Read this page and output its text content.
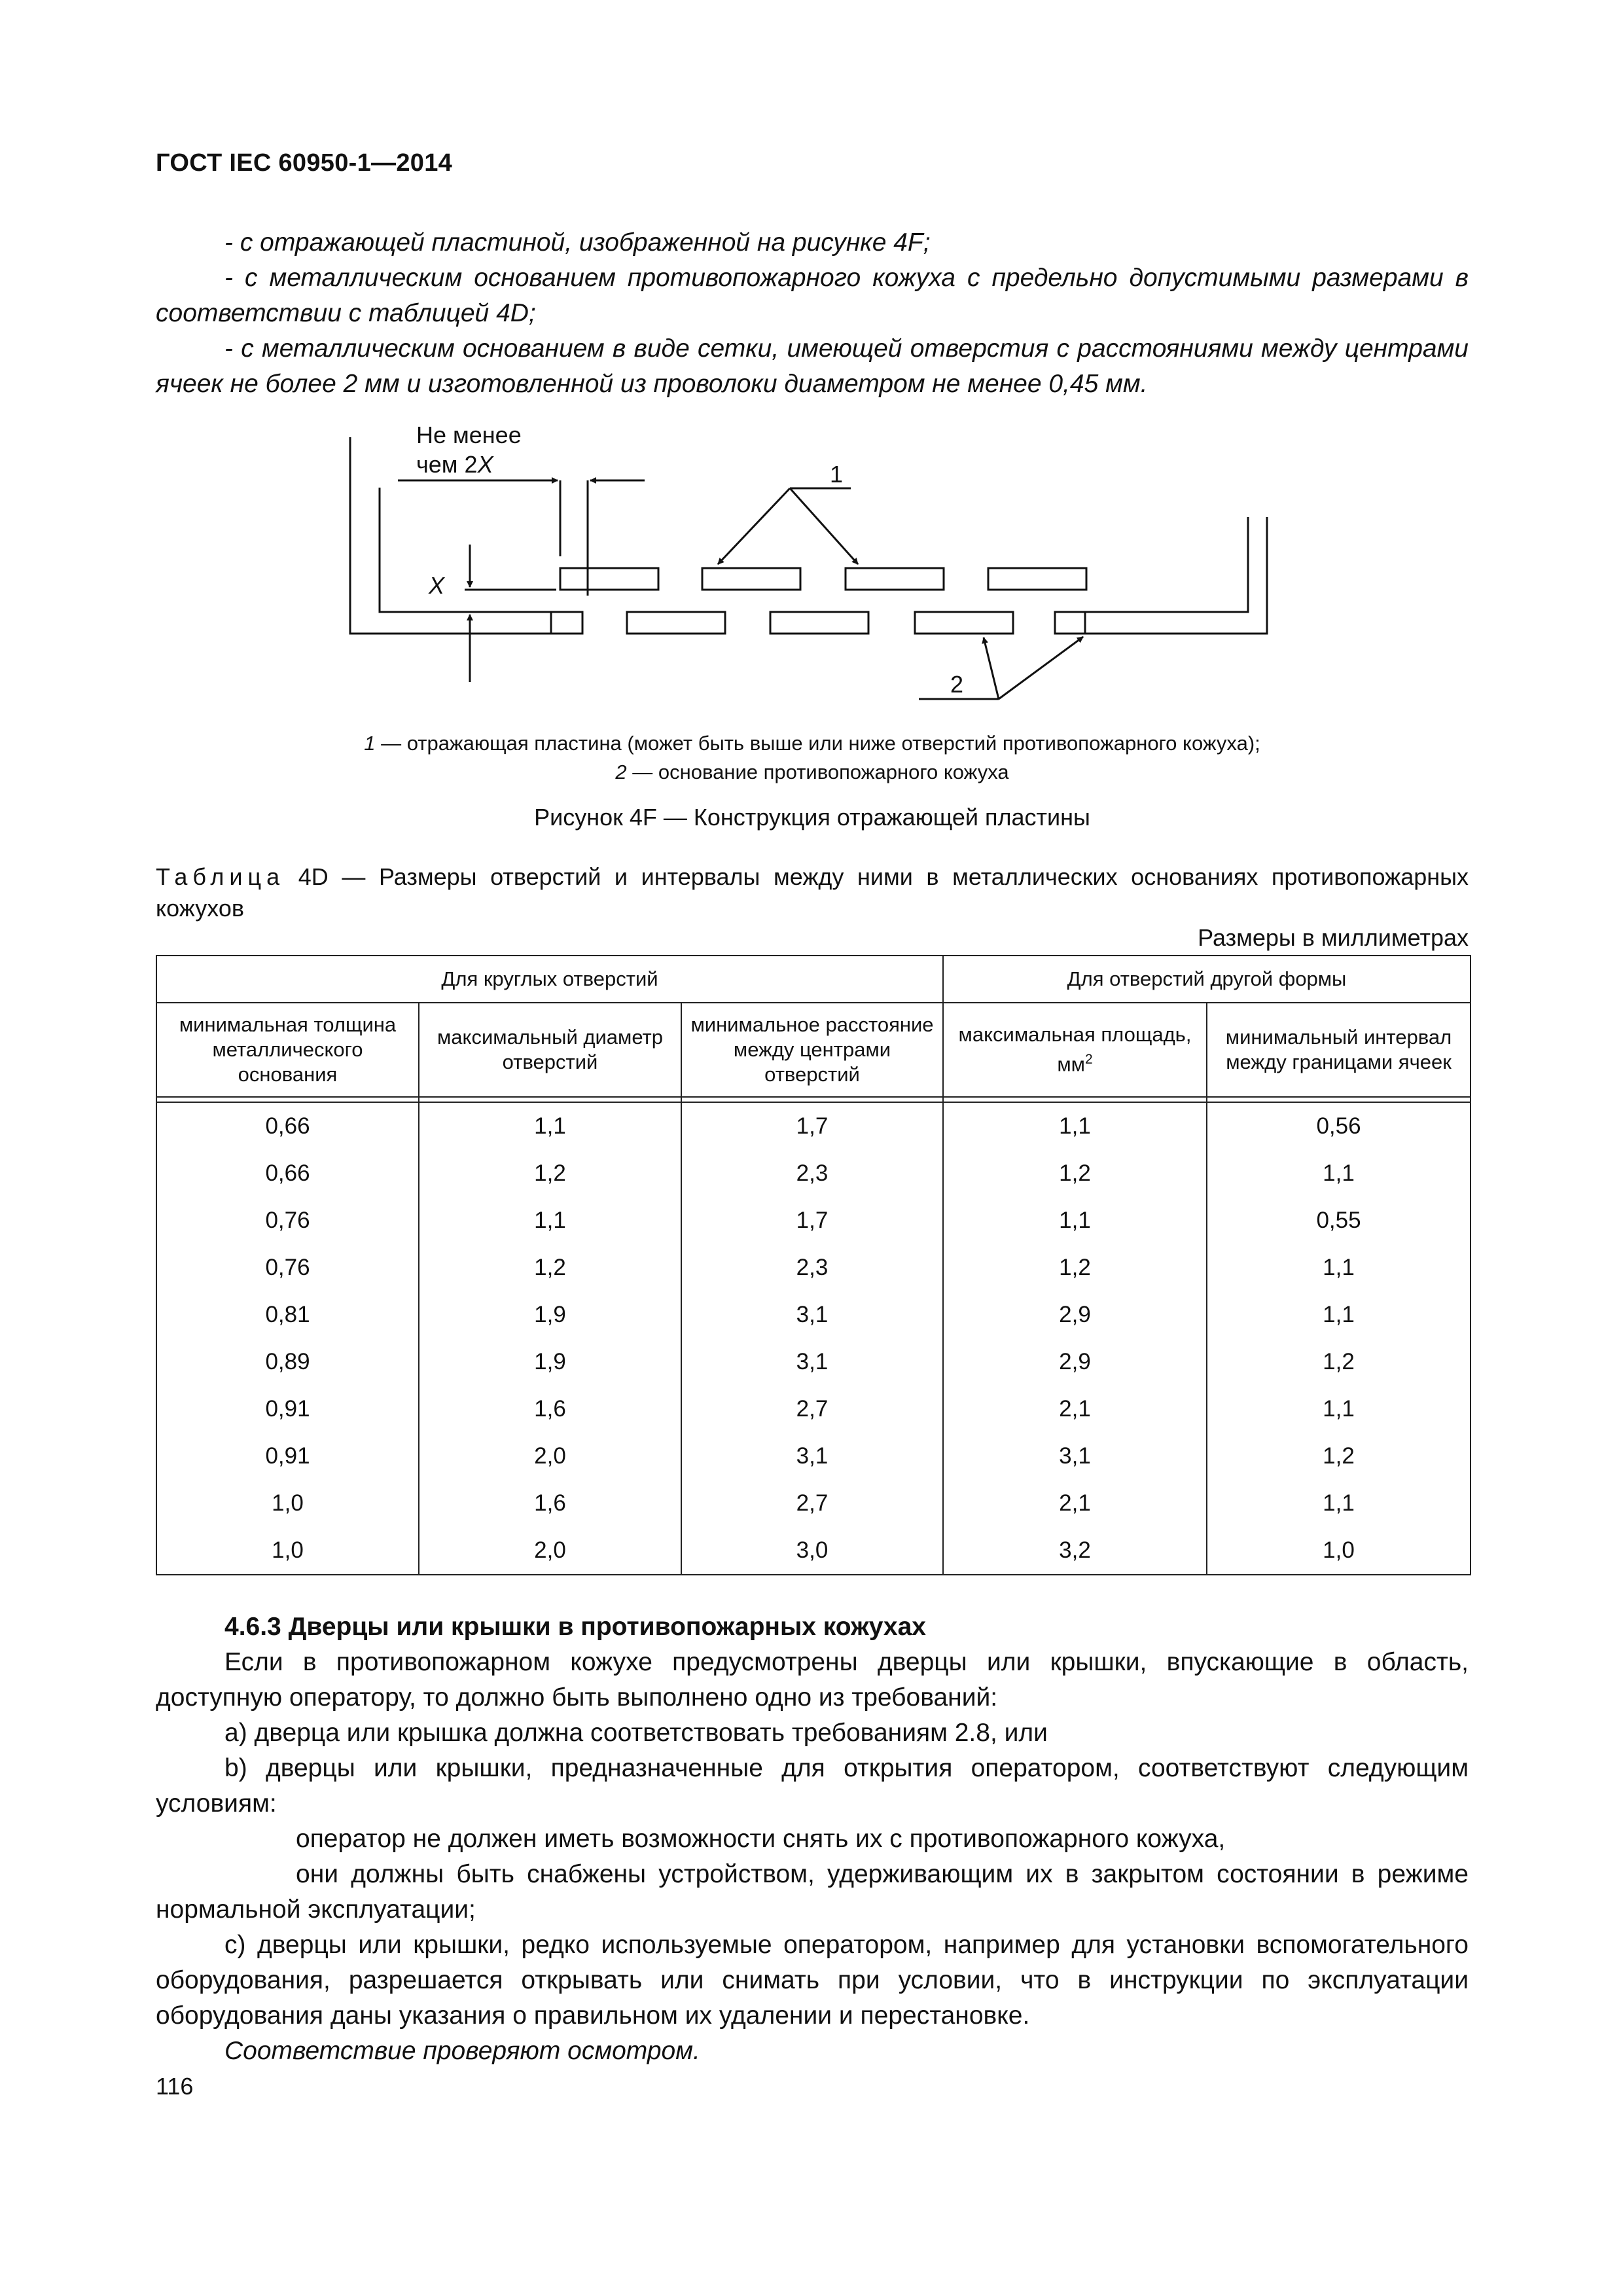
ГОСТ IEC 60950-1—2014
- с отражающей пластиной, изображенной на рисунке 4F;
- с металлическим основанием противопожарного кожуха с предельно допустимыми размерами в соответствии с таблицей 4D;
- с металлическим основанием в виде сетки, имеющей отверстия с расстояниями между центрами ячеек не более 2 мм и изготовленной из проволоки диаметром не менее 0,45 мм.
Не менее
чем 2X
X
1
2
1 — отражающая пластина (может быть выше или ниже отверстий противопожарного кожуха);
2 — основание противопожарного кожуха
Рисунок 4F — Конструкция отражающей пластины
Таблица 4D — Размеры отверстий и интервалы между ними в металлических основаниях противопожарных кожухов
Размеры в миллиметрах
Для круглых отверстий			Для отверстий другой формы	
минимальная толщина металлического основания	максимальный диаметр отверстий	минимальное расстояние между центрами отверстий	максимальная площадь, $мм^2$	минимальный интервал между границами ячеек

0,66	1,1	1,7	1,1	0,56
0,66	1,2	2,3	1,2	1,1
0,76	1,1	1,7	1,1	0,55
0,76	1,2	2,3	1,2	1,1
0,81	1,9	3,1	2,9	1,1
0,89	1,9	3,1	2,9	1,2
0,91	1,6	2,7	2,1	1,1
0,91	2,0	3,1	3,1	1,2
1,0	1,6	2,7	2,1	1,1
1,0	2,0	3,0	3,2	1,0
4.6.3 Дверцы или крышки в противопожарных кожухах
Если в противопожарном кожухе предусмотрены дверцы или крышки, впускающие в область, доступную оператору, то должно быть выполнено одно из требований:
а) дверца или крышка должна соответствовать требованиям 2.8, или
b) дверцы или крышки, предназначенные для открытия оператором, соответствуют следующим условиям:
оператор не должен иметь возможности снять их с противопожарного кожуха,
они должны быть снабжены устройством, удерживающим их в закрытом состоянии в режиме нормальной эксплуатации;
с) дверцы или крышки, редко используемые оператором, например для установки вспомогательного оборудования, разрешается открывать или снимать при условии, что в инструкции по эксплуатации оборудования даны указания о правильном их удалении и перестановке.
Соответствие проверяют осмотром.
116
